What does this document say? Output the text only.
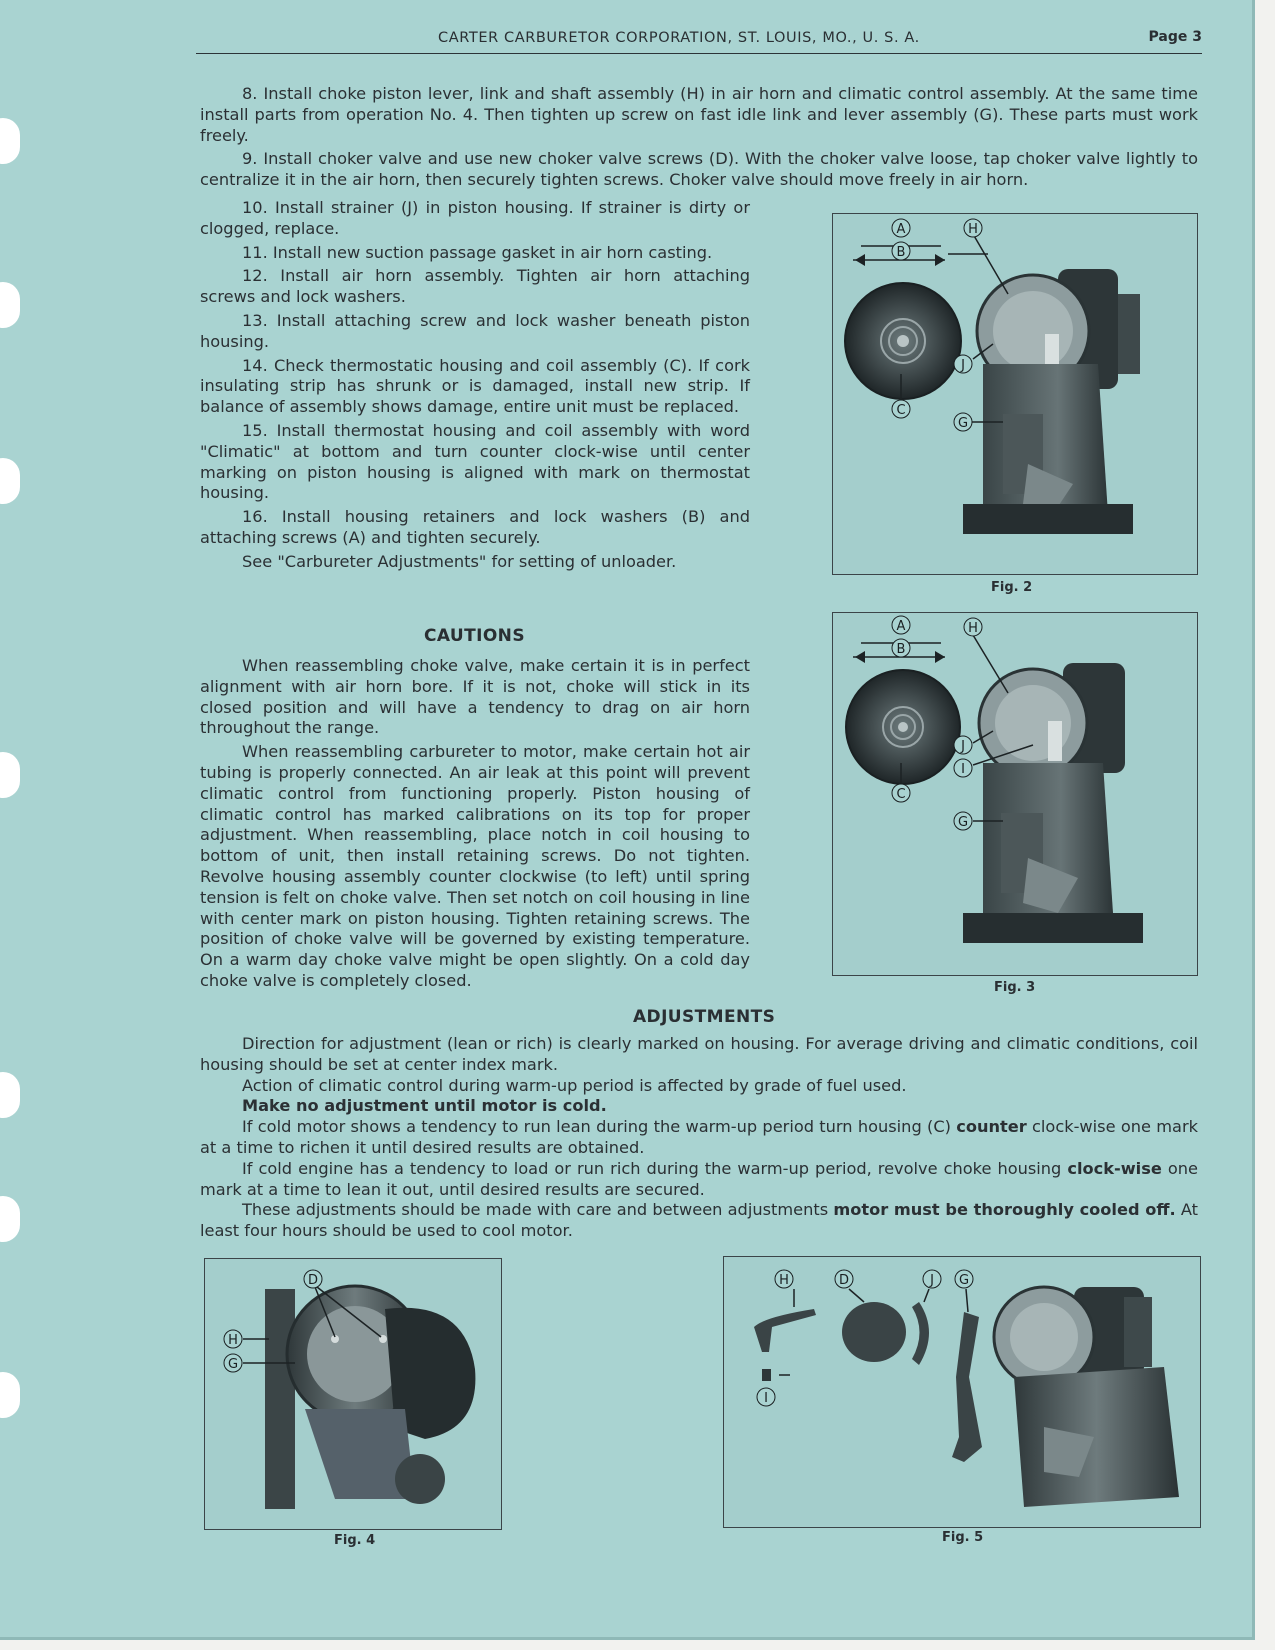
CARTER CARBURETOR CORPORATION, ST. LOUIS, MO., U. S. A.	Page 3

8. Install choke piston lever, link and shaft assembly (H) in air horn and climatic control assembly. At the same time install parts from operation No. 4. Then tighten up screw on fast idle link and lever assembly (G). These parts must work freely.

9. Install choker valve and use new choker valve screws (D). With the choker valve loose, tap choker valve lightly to centralize it in the air horn, then securely tighten screws. Choker valve should move freely in air horn.

10. Install strainer (J) in piston housing. If strainer is dirty or clogged, replace.

11. Install new suction passage gasket in air horn casting.

12. Install air horn assembly. Tighten air horn attaching screws and lock washers.

13. Install attaching screw and lock washer beneath piston housing.

14. Check thermostatic housing and coil assembly (C). If cork insulating strip has shrunk or is damaged, install new strip. If balance of assembly shows damage, entire unit must be replaced.

15. Install thermostat housing and coil assembly with word "Climatic" at bottom and turn counter clock-wise until center marking on piston housing is aligned with mark on thermostat housing.

16. Install housing retainers and lock washers (B) and attaching screws (A) and tighten securely.

See "Carbureter Adjustments" for setting of unloader.

CAUTIONS

When reassembling choke valve, make certain it is in perfect alignment with air horn bore. If it is not, choke will stick in its closed position and will have a tendency to drag on air horn throughout the range.

When reassembling carbureter to motor, make certain hot air tubing is properly connected. An air leak at this point will prevent climatic control from functioning properly. Piston housing of climatic control has marked calibrations on its top for proper adjustment. When reassembling, place notch in coil housing to bottom of unit, then install retaining screws. Do not tighten. Revolve housing assembly counter clockwise (to left) until spring tension is felt on choke valve. Then set notch on coil housing in line with center mark on piston housing. Tighten retaining screws. The position of choke valve will be governed by existing temperature. On a warm day choke valve might be open slightly. On a cold day choke valve is completely closed.

ADJUSTMENTS

Direction for adjustment (lean or rich) is clearly marked on housing. For average driving and climatic conditions, coil housing should be set at center index mark.

Action of climatic control during warm-up period is affected by grade of fuel used.

Make no adjustment until motor is cold.

If cold motor shows a tendency to run lean during the warm-up period turn housing (C) counter clock-wise one mark at a time to richen it until desired results are obtained.

If cold engine has a tendency to load or run rich during the warm-up period, revolve choke housing clock-wise one mark at a time to lean it out, until desired results are secured.

These adjustments should be made with care and between adjustments motor must be thoroughly cooled off. At least four hours should be used to cool motor.

A
B
H
J
C
G
Fig. 2
A
B
H
J
I
C
G
Fig. 3
D
H
G
Fig. 4
H	D	J G
I
Fig. 5
